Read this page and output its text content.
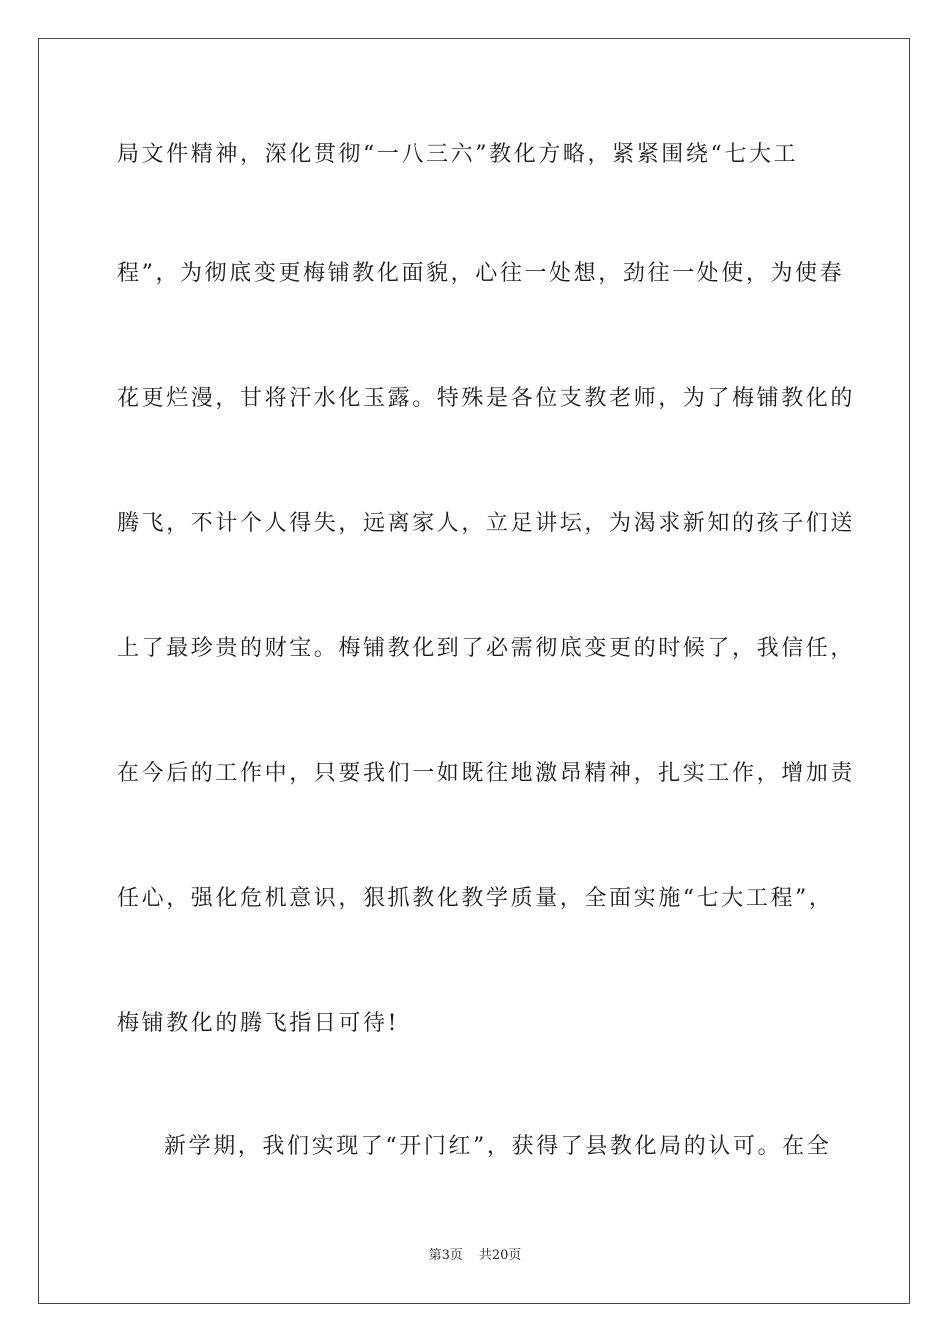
局文件精神，深化贯彻“一八三六”教化方略，紧紧围绕“七大工
程”，为彻底变更梅铺教化面貌，心往一处想，劲往一处使，为使春
花更烂漫，甘将汗水化玉露。特殊是各位支教老师，为了梅铺教化的
腾飞，不计个人得失，远离家人，立足讲坛，为渴求新知的孩子们送
上了最珍贵的财宝。梅铺教化到了必需彻底变更的时候了，我信任，
在今后的工作中，只要我们一如既往地激昂精神，扎实工作，增加责
任心，强化危机意识，狠抓教化教学质量，全面实施“七大工程”，
梅铺教化的腾飞指日可待!
新学期，我们实现了“开门红”，获得了县教化局的认可。在全
第3页 共20页
